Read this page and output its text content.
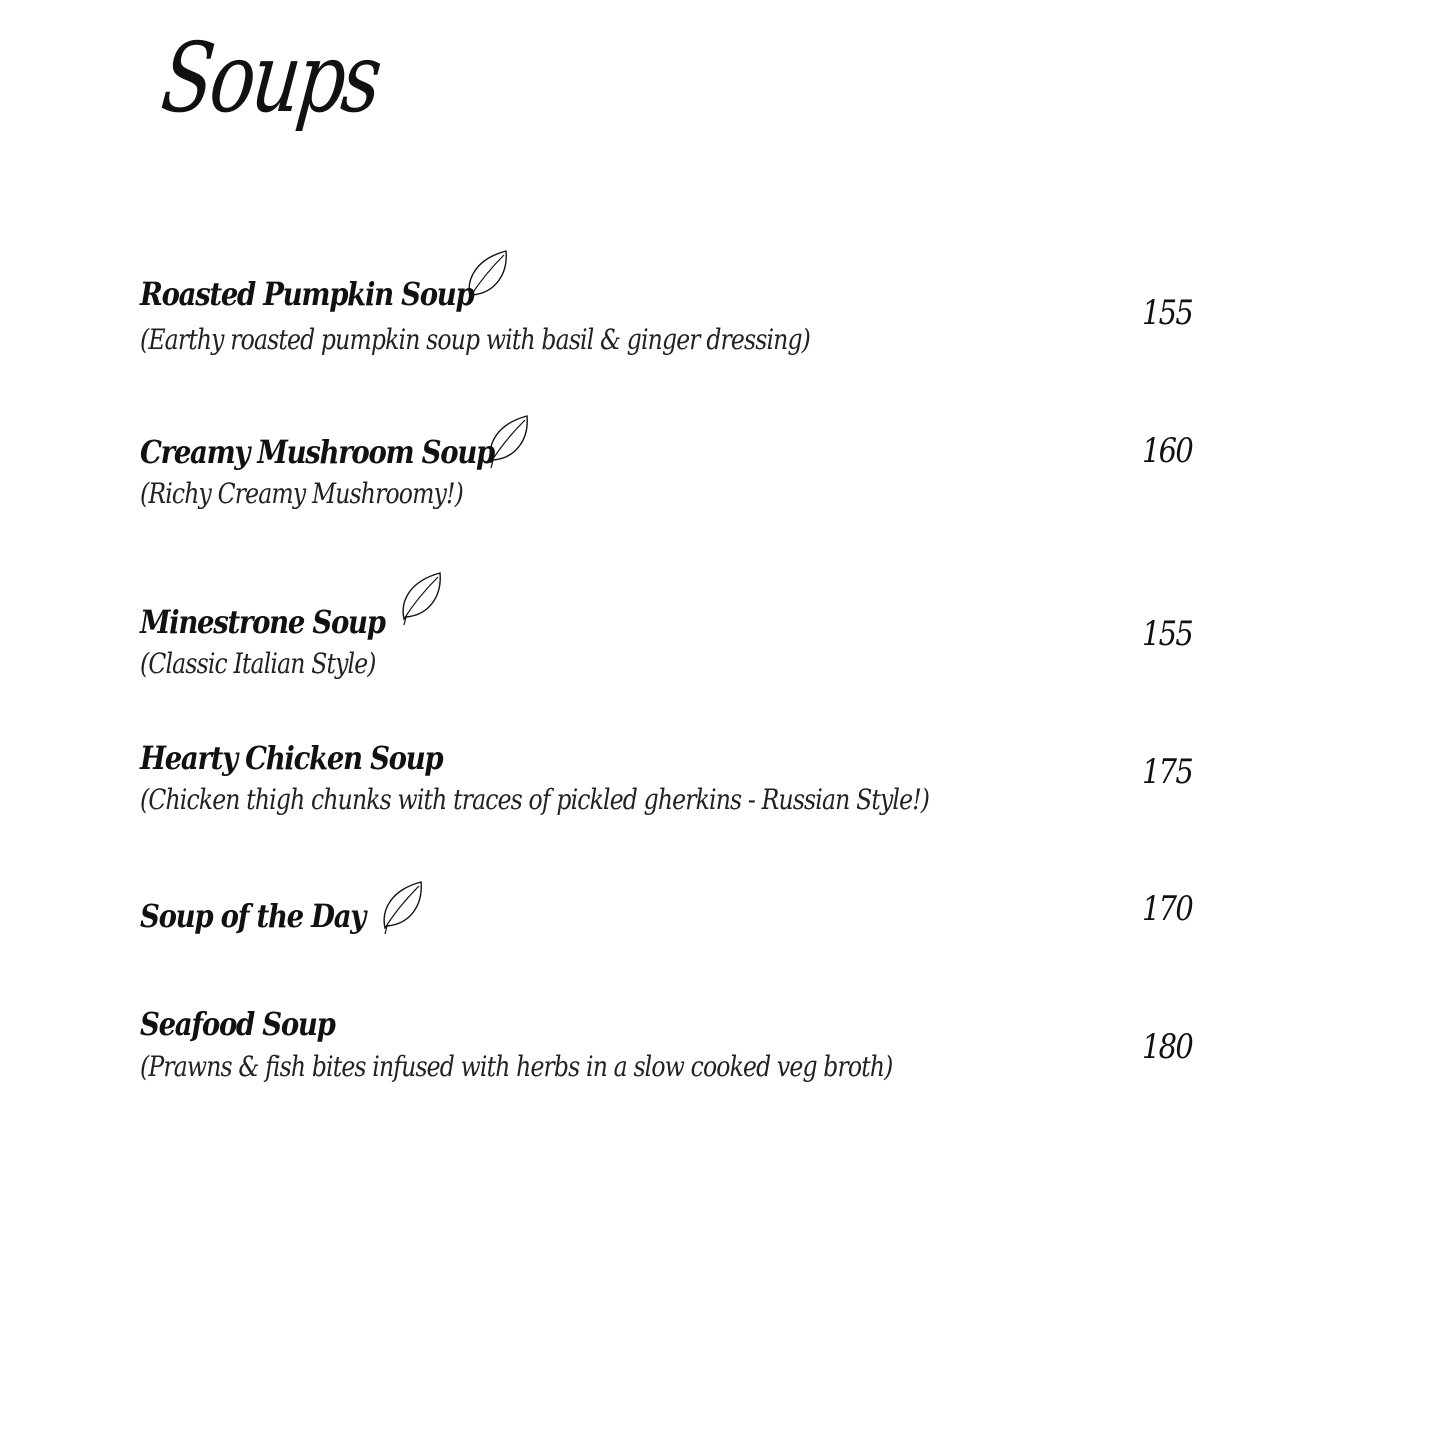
Soups
Roasted Pumpkin Soup
(Earthy roasted pumpkin soup with basil & ginger dressing)
155
Creamy Mushroom Soup
(Richy Creamy Mushroomy!)
160
Minestrone Soup
(Classic Italian Style)
155
Hearty Chicken Soup
(Chicken thigh chunks with traces of pickled gherkins - Russian Style!)
175
Soup of the Day	170
Seafood Soup
(Prawns & fish bites infused with herbs in a slow cooked veg broth)	180
